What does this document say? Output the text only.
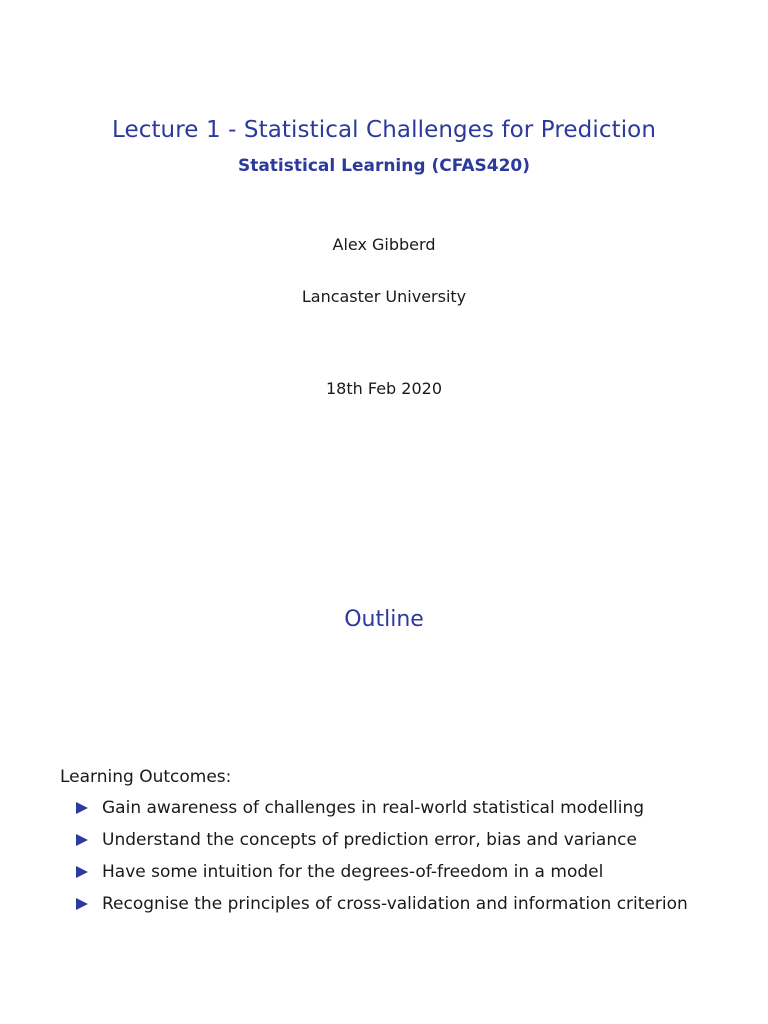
Lecture 1 - Statistical Challenges for Prediction
Statistical Learning (CFAS420)
Alex Gibberd
Lancaster University
18th Feb 2020
Outline
Learning Outcomes:
Gain awareness of challenges in real-world statistical modelling
Understand the concepts of prediction error, bias and variance
Have some intuition for the degrees-of-freedom in a model
Recognise the principles of cross-validation and information criterion
